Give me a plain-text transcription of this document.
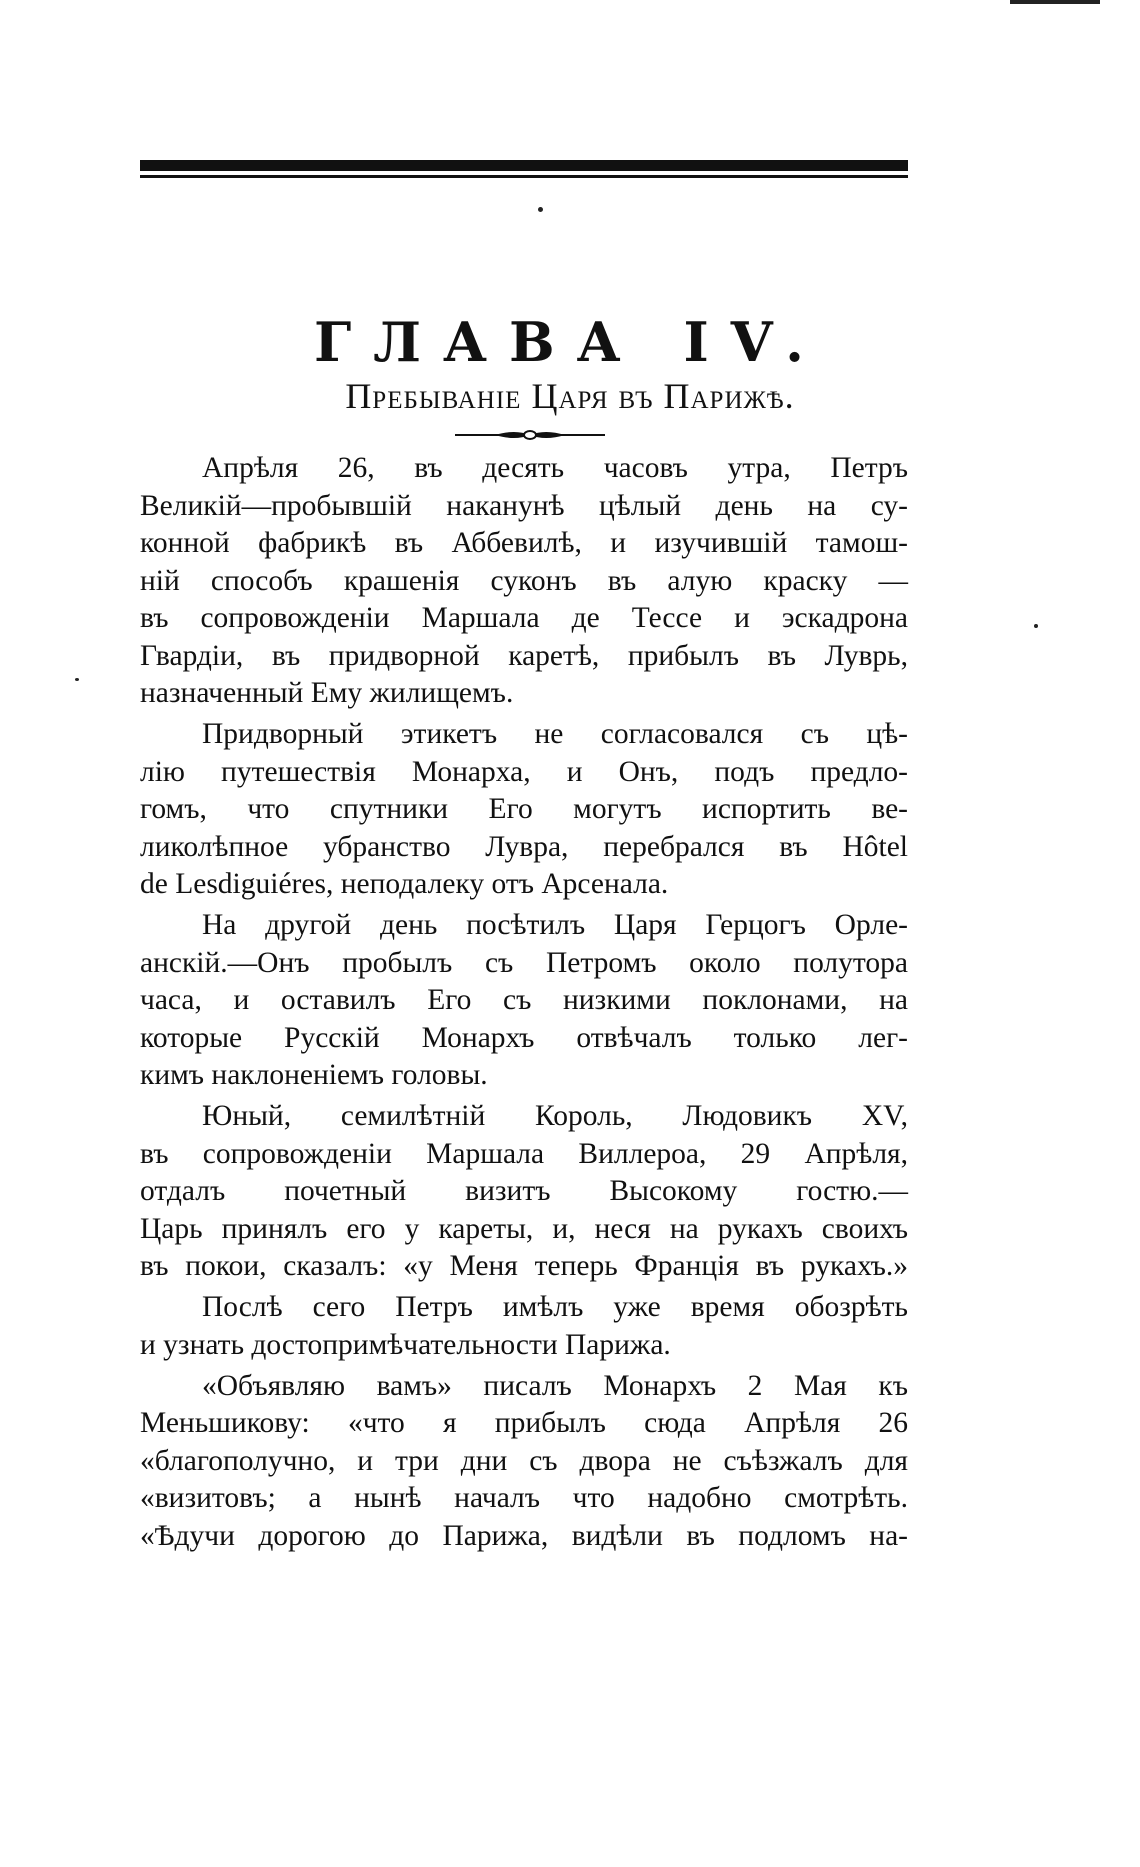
ГЛАВА IV.
Пребыванiе Царя въ Парижѣ.
Апрѣля 26, въ десять часовъ утра, Петръ
Великiй—пробывшiй наканунѣ цѣлый день на су-
конной фабрикѣ въ Аббевилѣ, и изучившiй тамош-
нiй способъ крашенiя суконъ въ алую краску —
въ сопровожденiи Маршала де Тессе и эскадрона
Гвардiи, въ придворной каретѣ, прибылъ въ Луврь,
назначенный Ему жилищемъ.
Придворный этикетъ не согласовался съ цѣ-
лiю путешествiя Монарха, и Онъ, подъ предло-
гомъ, что спутники Его могутъ испортить ве-
ликолѣпное убранство Лувра, перебрался въ Hôtel
de Lesdiguiéres, неподалеку отъ Арсенала.
На другой день посѣтилъ Царя Герцогъ Орле-
анскiй.—Онъ пробылъ съ Петромъ около полутора
часа, и оставилъ Его съ низкими поклонами, на
которые Русскiй Монархъ отвѣчалъ только лег-
кимъ наклоненiемъ головы.
Юный, семилѣтнiй Король, Людовикъ XV,
въ сопровожденiи Маршала Виллероа, 29 Апрѣля,
отдалъ почетный визитъ Высокому гостю.—
Царь принялъ его у кареты, и, неся на рукахъ своихъ
въ покои, сказалъ: «у Меня теперь Францiя въ рукахъ.»
Послѣ сего Петръ имѣлъ уже время обозрѣть
и узнать достопримѣчательности Парижа.
«Объявляю вамъ» писалъ Монархъ 2 Мая къ
Меньшикову: «что я прибылъ сюда Апрѣля 26
«благополучно, и три дни съ двора не съѣзжалъ для
«визитовъ; а нынѣ началъ что надобно смотрѣть.
«Ѣдучи дорогою до Парижа, видѣли въ подломъ на-
